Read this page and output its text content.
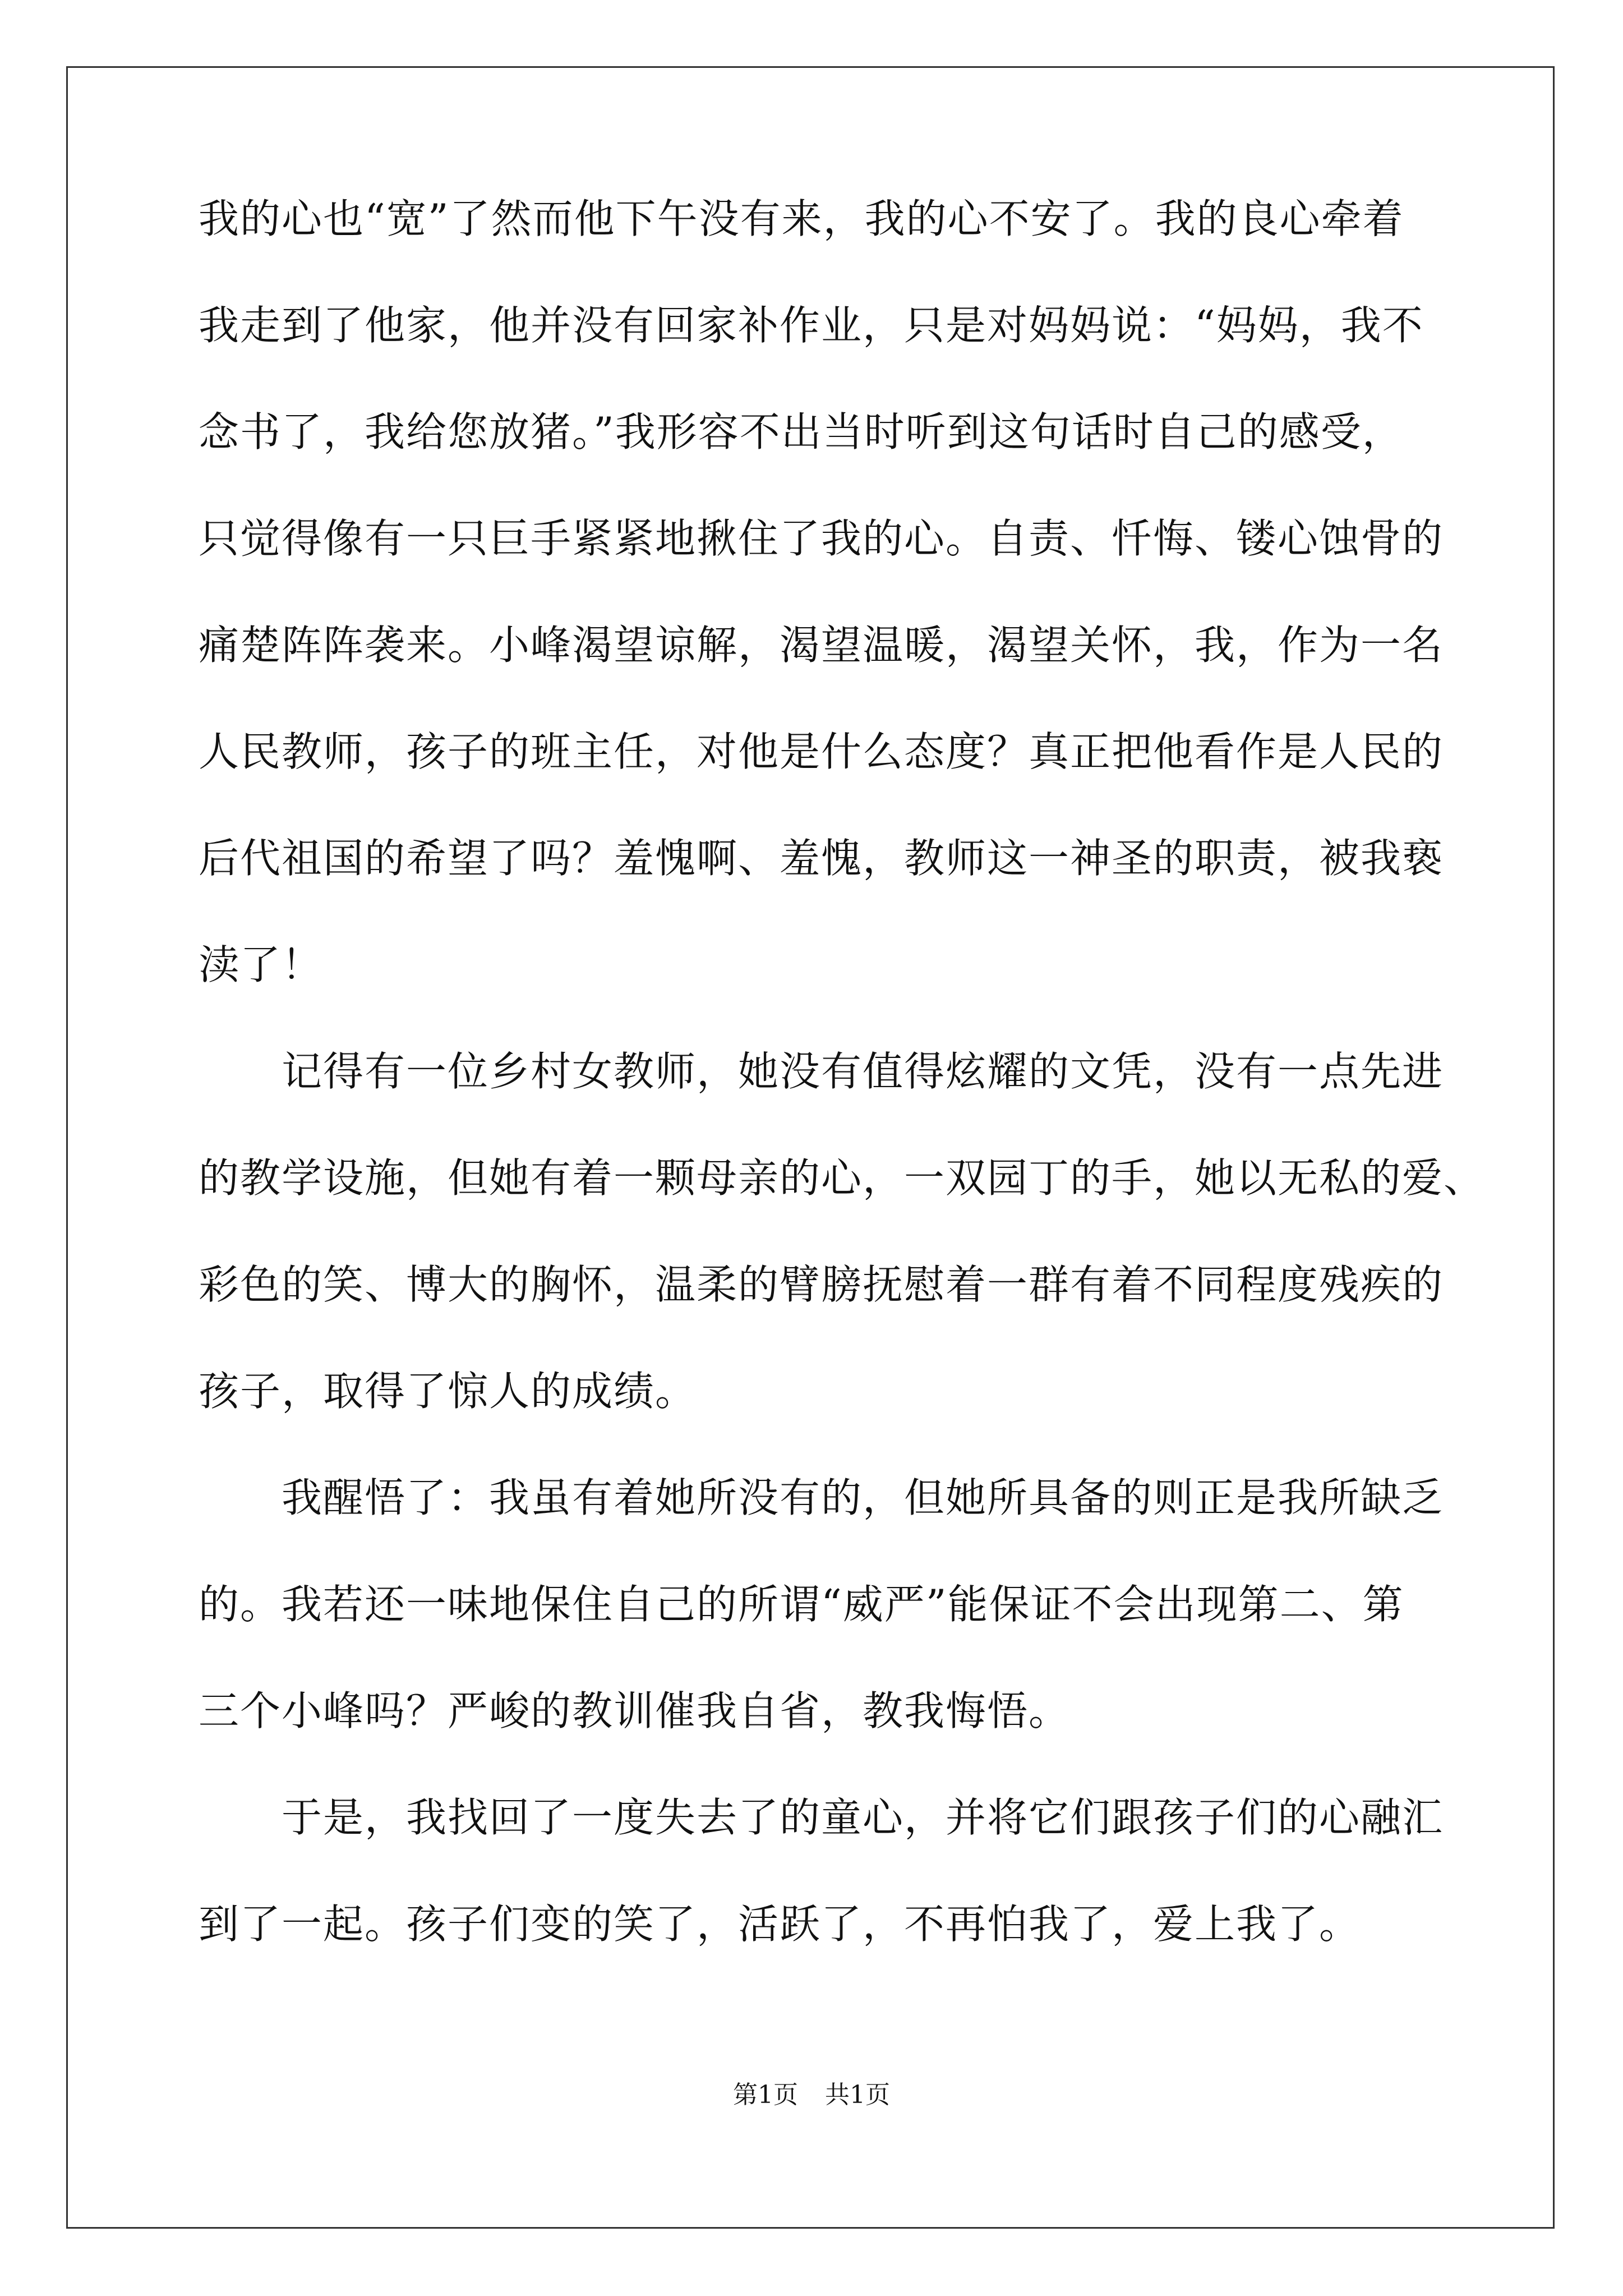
我的心也“宽”了然而他下午没有来，我的心不安了。我的良心牵着
我走到了他家，他并没有回家补作业，只是对妈妈说：“妈妈，我不
念书了，我给您放猪。”我形容不出当时听到这句话时自己的感受，
只觉得像有一只巨手紧紧地揪住了我的心。自责、忏悔、镂心蚀骨的
痛楚阵阵袭来。小峰渴望谅解，渴望温暖，渴望关怀，我，作为一名
人民教师，孩子的班主任，对他是什么态度？真正把他看作是人民的
后代祖国的希望了吗？羞愧啊、羞愧，教师这一神圣的职责，被我亵
渎了！
记得有一位乡村女教师，她没有值得炫耀的文凭，没有一点先进
的教学设施，但她有着一颗母亲的心，一双园丁的手，她以无私的爱、
彩色的笑、博大的胸怀，温柔的臂膀抚慰着一群有着不同程度残疾的
孩子，取得了惊人的成绩。
我醒悟了：我虽有着她所没有的，但她所具备的则正是我所缺乏
的。我若还一味地保住自己的所谓“威严”能保证不会出现第二、第
三个小峰吗？严峻的教训催我自省，教我悔悟。
于是，我找回了一度失去了的童心，并将它们跟孩子们的心融汇
到了一起。孩子们变的笑了，活跃了，不再怕我了，爱上我了。
第1页 共1页
